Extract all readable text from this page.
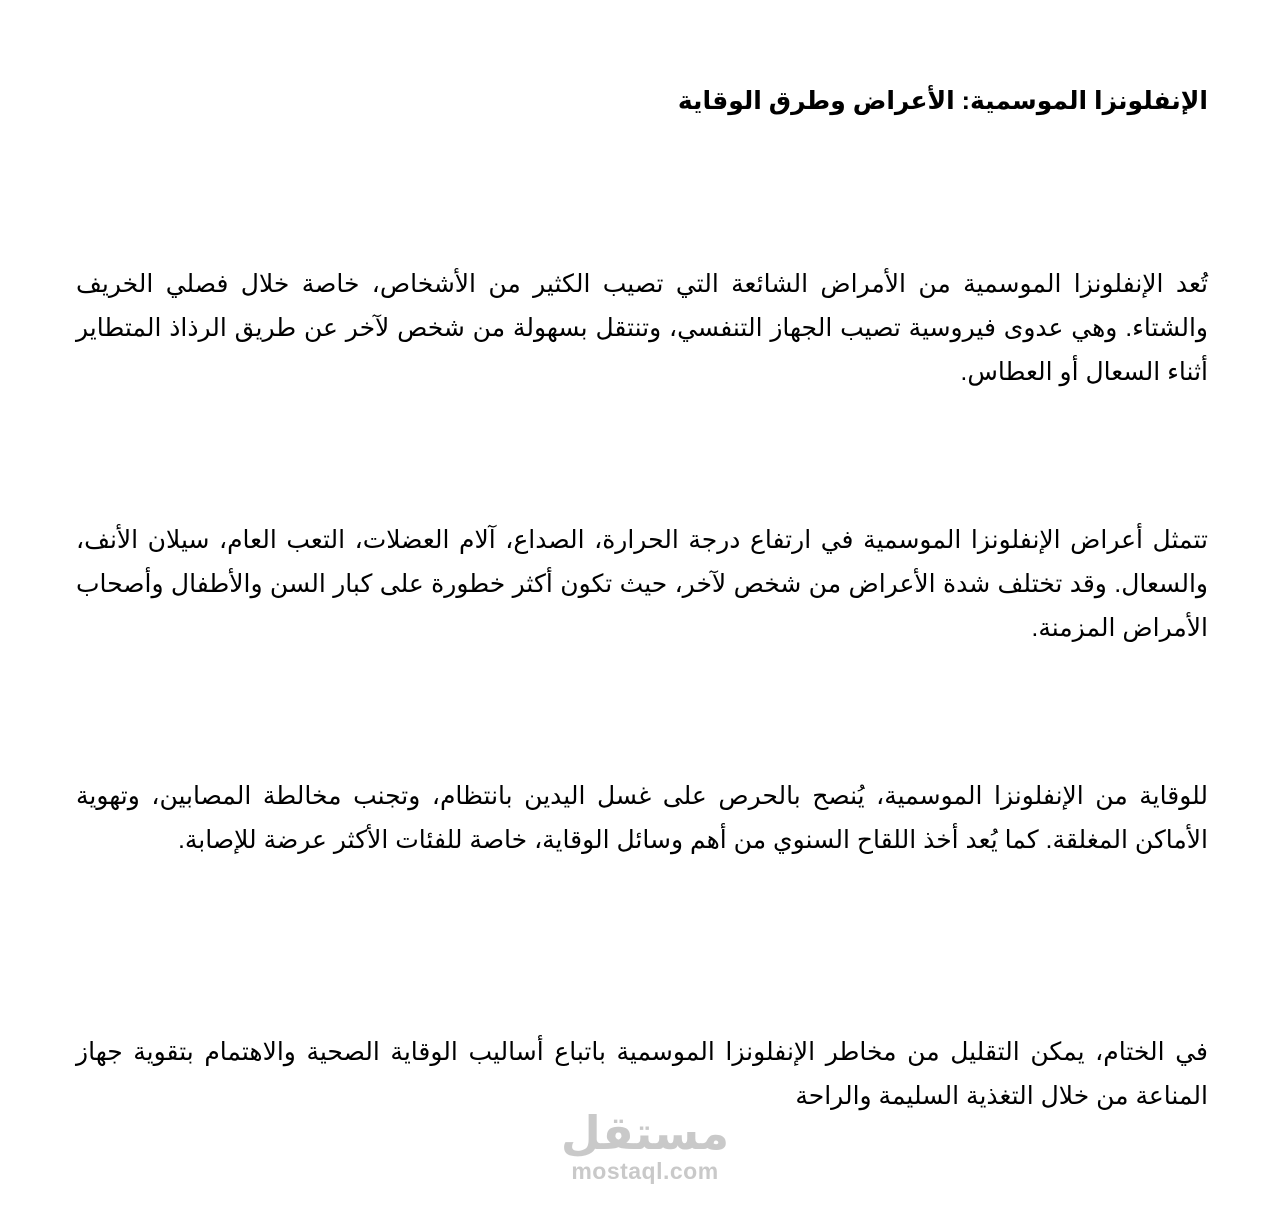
الإنفلونزا الموسمية: الأعراض وطرق الوقاية

تُعد الإنفلونزا الموسمية من الأمراض الشائعة التي تصيب الكثير من الأشخاص، خاصة خلال فصلي الخريف والشتاء. وهي عدوى فيروسية تصيب الجهاز التنفسي، وتنتقل بسهولة من شخص لآخر عن طريق الرذاذ المتطاير أثناء السعال أو العطاس.

تتمثل أعراض الإنفلونزا الموسمية في ارتفاع درجة الحرارة، الصداع، آلام العضلات، التعب العام، سيلان الأنف، والسعال. وقد تختلف شدة الأعراض من شخص لآخر، حيث تكون أكثر خطورة على كبار السن والأطفال وأصحاب الأمراض المزمنة.

للوقاية من الإنفلونزا الموسمية، يُنصح بالحرص على غسل اليدين بانتظام، وتجنب مخالطة المصابين، وتهوية الأماكن المغلقة. كما يُعد أخذ اللقاح السنوي من أهم وسائل الوقاية، خاصة للفئات الأكثر عرضة للإصابة.

في الختام، يمكن التقليل من مخاطر الإنفلونزا الموسمية باتباع أساليب الوقاية الصحية والاهتمام بتقوية جهاز المناعة من خلال التغذية السليمة والراحة

مستقل
mostaql.com
